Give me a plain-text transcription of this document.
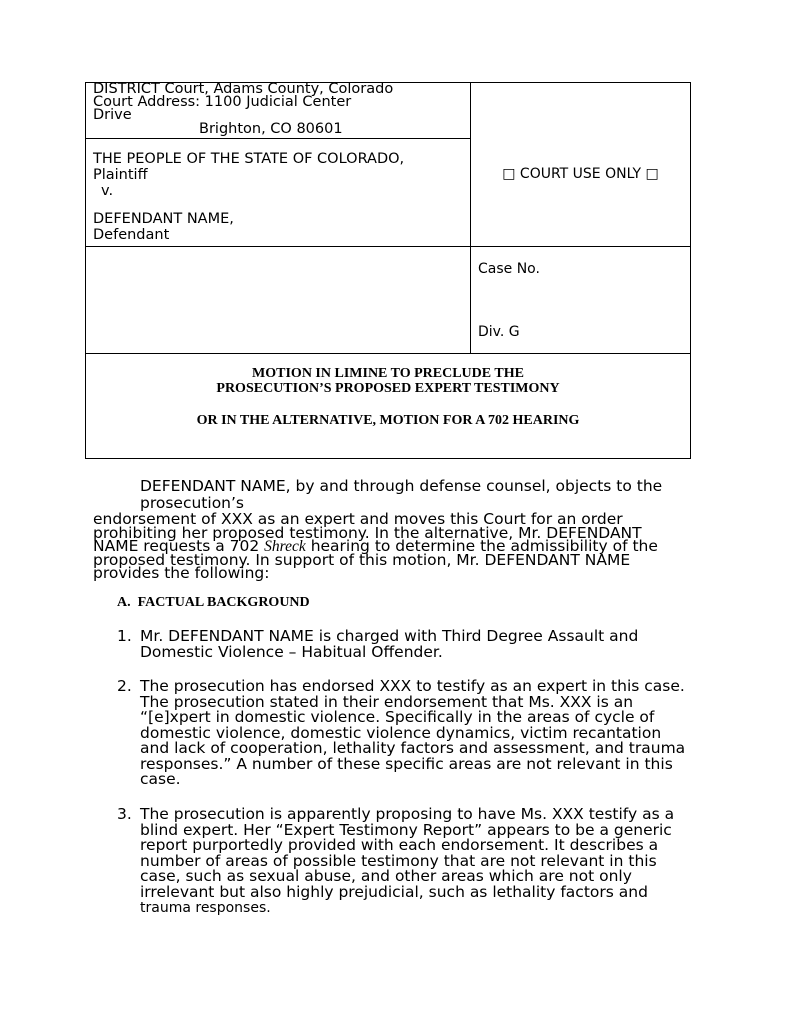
DISTRICT Court, Adams County, Colorado
Court Address: 1100 Judicial Center
Drive
Brighton, CO 80601
THE PEOPLE OF THE STATE OF COLORADO,
Plaintiff
v.
DEFENDANT NAME,
Defendant
□ COURT USE ONLY □
Case No.
Div. G
MOTION IN LIMINE TO PRECLUDE THE
PROSECUTION’S PROPOSED EXPERT TESTIMONY
OR IN THE ALTERNATIVE, MOTION FOR A 702 HEARING
DEFENDANT NAME, by and through defense counsel, objects to the
prosecution’s
endorsement of XXX as an expert and moves this Court for an order prohibiting her proposed testimony. In the alternative, Mr. DEFENDANT NAME requests a 702 Shreck hearing to determine the admissibility of the proposed testimony. In support of this motion, Mr. DEFENDANT NAME provides the following:
A. FACTUAL BACKGROUND
1. Mr. DEFENDANT NAME is charged with Third Degree Assault and Domestic Violence – Habitual Offender.
2. The prosecution has endorsed XXX to testify as an expert in this case. The prosecution stated in their endorsement that Ms. XXX is an “[e]xpert in domestic violence. Specifically in the areas of cycle of domestic violence, domestic violence dynamics, victim recantation and lack of cooperation, lethality factors and assessment, and trauma responses.” A number of these specific areas are not relevant in this case.
3. The prosecution is apparently proposing to have Ms. XXX testify as a blind expert. Her “Expert Testimony Report” appears to be a generic report purportedly provided with each endorsement. It describes a number of areas of possible testimony that are not relevant in this case, such as sexual abuse, and other areas which are not only irrelevant but also highly prejudicial, such as lethality factors and
trauma responses.
